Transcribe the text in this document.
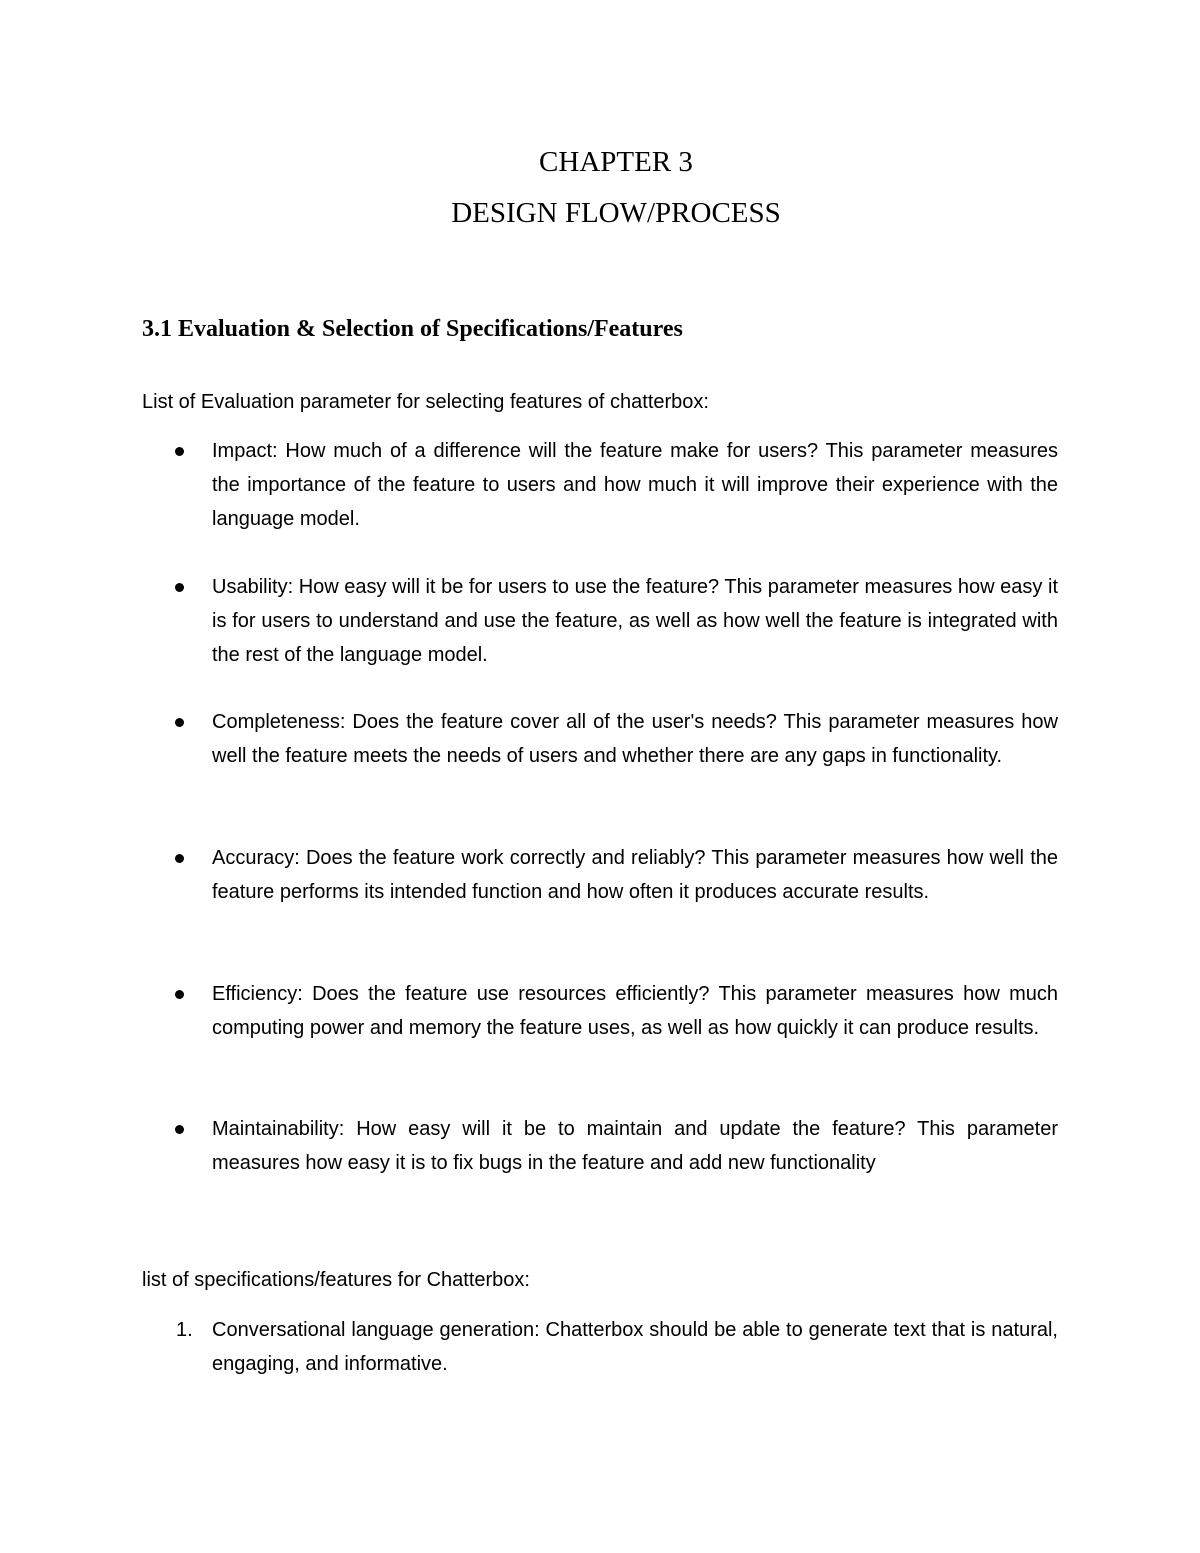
CHAPTER 3
DESIGN FLOW/PROCESS
3.1 Evaluation & Selection of Specifications/Features

List of Evaluation parameter for selecting features of chatterbox:

Impact: How much of a difference will the feature make for users? This parameter measures the importance of the feature to users and how much it will improve their experience with the language model.
Usability: How easy will it be for users to use the feature? This parameter measures how easy it is for users to understand and use the feature, as well as how well the feature is integrated with the rest of the language model.
Completeness: Does the feature cover all of the user's needs? This parameter measures how well the feature meets the needs of users and whether there are any gaps in functionality.
Accuracy: Does the feature work correctly and reliably? This parameter measures how well the feature performs its intended function and how often it produces accurate results.
Efficiency: Does the feature use resources efficiently? This parameter measures how much computing power and memory the feature uses, as well as how quickly it can produce results.
Maintainability: How easy will it be to maintain and update the feature? This parameter measures how easy it is to fix bugs in the feature and add new functionality

list of specifications/features for Chatterbox:

1. Conversational language generation: Chatterbox should be able to generate text that is natural, engaging, and informative.
